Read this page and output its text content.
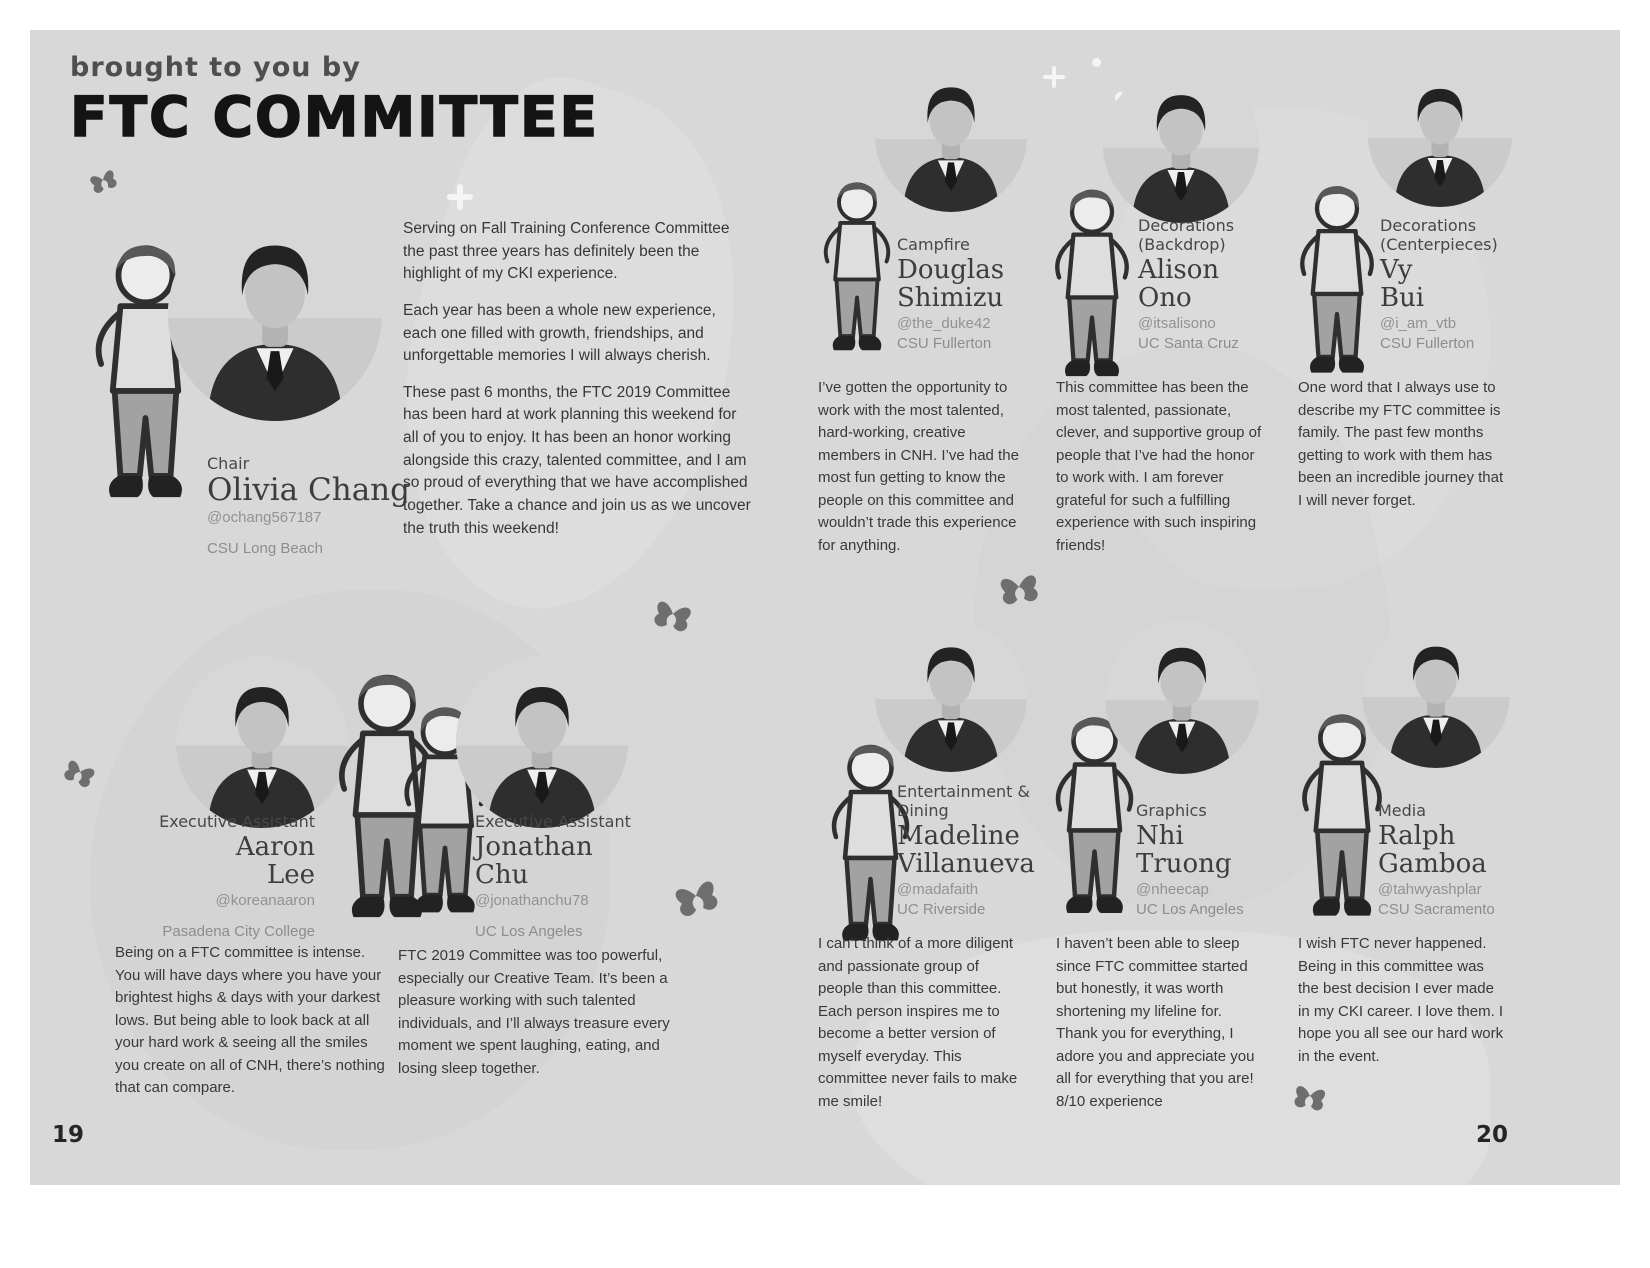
brought to you by
FTC COMMITTEE
Chair
Olivia Chang
@ochang567187
CSU Long Beach

Serving on Fall Training Conference Committee the past three years has definitely been the highlight of my CKI experience.

Each year has been a whole new experience, each one filled with growth, friendships, and unforgettable memories I will always cherish.

These past 6 months, the FTC 2019 Committee has been hard at work planning this weekend for all of you to enjoy. It has been an honor working alongside this crazy, talented committee, and I am so proud of everything that we have accomplished together. Take a chance and join us as we uncover the truth this weekend!

Executive Assistant
Aaron
Lee
@koreanaaron
Pasadena City College
Executive Assistant
Jonathan
Chu
@jonathanchu78
UC Los Angeles

Being on a FTC committee is intense. You will have days where you have your brightest highs & days with your darkest lows. But being able to look back at all your hard work & seeing all the smiles you create on all of CNH, there’s nothing that can compare.

FTC 2019 Committee was too powerful, especially our Creative Team. It’s been a pleasure working with such talented individuals, and I’ll always treasure every moment we spent laughing, eating, and losing sleep together.

Campfire
Douglas
Shimizu
@the_duke42
CSU Fullerton

I’ve gotten the opportunity to work with the most talented, hard-working, creative members in CNH. I’ve had the most fun getting to know the people on this committee and wouldn’t trade this experience for anything.

Decorations
(Backdrop)
Alison
Ono
@itsalisono
UC Santa Cruz

This committee has been the most talented, passionate, clever, and supportive group of people that I’ve had the honor to work with. I am forever grateful for such a fulfilling experience with such inspiring friends!

Decorations
(Centerpieces)
Vy
Bui
@i_am_vtb
CSU Fullerton

One word that I always use to describe my FTC committee is family. The past few months getting to work with them has been an incredible journey that I will never forget.

Entertainment &
Dining
Madeline
Villanueva
@madafaith
UC Riverside

I can’t think of a more diligent and passionate group of people than this committee. Each person inspires me to become a better version of myself everyday. This committee never fails to make me smile!

Graphics
Nhi
Truong
@nheecap
UC Los Angeles

I haven’t been able to sleep since FTC committee started but honestly, it was worth shortening my lifeline for. Thank you for everything, I adore you and appreciate you all for everything that you are! 8/10 experience

Media
Ralph
Gamboa
@tahwyashplar
CSU Sacramento

I wish FTC never happened. Being in this committee was the best decision I ever made in my CKI career. I love them. I hope you all see our hard work in the event.

19	20
